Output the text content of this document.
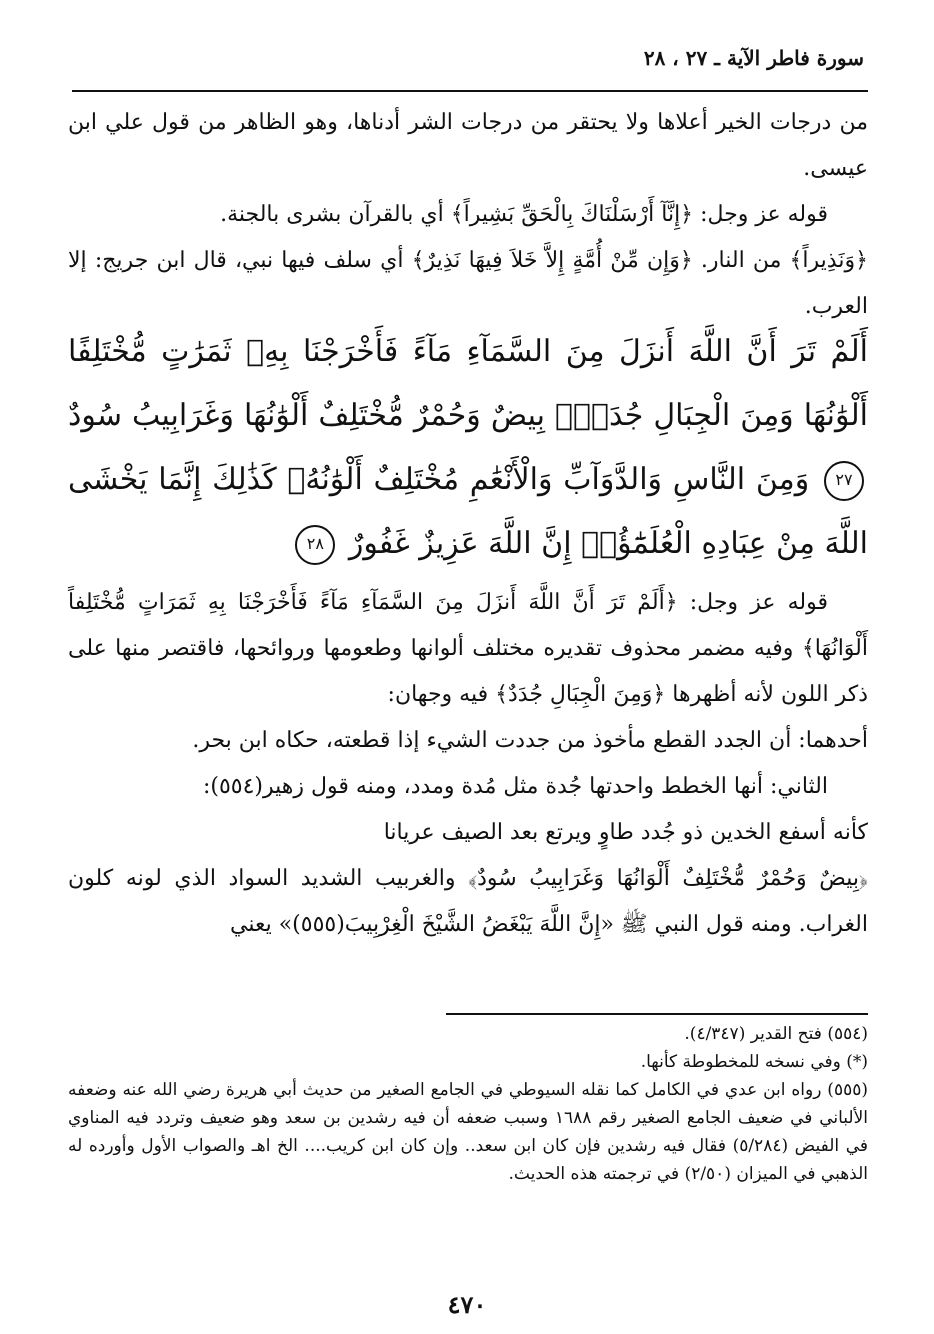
سورة فاطر الآية ـ ٢٧ ، ٢٨

من درجات الخير أعلاها ولا يحتقر من درجات الشر أدناها، وهو الظاهر من قول علي ابن عيسى.

قوله عز وجل: ﴿إِنَّآ أَرْسَلْنَاكَ بِالْحَقِّ بَشِيراً﴾ أي بالقرآن بشرى بالجنة.

﴿وَنَذِيراً﴾ من النار. ﴿وَإِن مِّنْ أُمَّةٍ إِلاَّ خَلاَ فِيهَا نَذِيرٌ﴾ أي سلف فيها نبي، قال ابن جريج: إلا العرب.

أَلَمْ تَرَ أَنَّ اللَّهَ أَنزَلَ مِنَ السَّمَآءِ مَآءً فَأَخْرَجْنَا بِهِۦ ثَمَرَٰتٍ مُّخْتَلِفًا أَلْوَٰنُهَا وَمِنَ الْجِبَالِ جُدَدٌۢ بِيضٌ وَحُمْرٌ مُّخْتَلِفٌ أَلْوَٰنُهَا وَغَرَابِيبُ سُودٌ ٢٧ وَمِنَ النَّاسِ وَالدَّوَآبِّ وَالْأَنْعَٰمِ مُخْتَلِفٌ أَلْوَٰنُهُۥ كَذَٰلِكَ إِنَّمَا يَخْشَى اللَّهَ مِنْ عِبَادِهِ الْعُلَمَٰٓؤُا۟ إِنَّ اللَّهَ عَزِيزٌ غَفُورٌ ٢٨

قوله عز وجل: ﴿أَلَمْ تَرَ أَنَّ اللَّهَ أَنزَلَ مِنَ السَّمَآءِ مَآءً فَأَخْرَجْنَا بِهِ ثَمَرَاتٍ مُّخْتَلِفاً أَلْوَانُهَا﴾ وفيه مضمر محذوف تقديره مختلف ألوانها وطعومها وروائحها، فاقتصر منها على ذكر اللون لأنه أظهرها ﴿وَمِنَ الْجِبَالِ جُدَدٌ﴾ فيه وجهان:

أحدهما: أن الجدد القطع مأخوذ من جددت الشيء إذا قطعته، حكاه ابن بحر.

الثاني: أنها الخطط واحدتها جُدة مثل مُدة ومدد، ومنه قول زهير(٥٥٤):

كأنه أسفع الخدين ذو جُدد طاوٍ ويرتع بعد الصيف عريانا

﴿بِيضٌ وَحُمْرٌ مُّخْتَلِفٌ أَلْوَانُهَا وَغَرَابِيبُ سُودٌ﴾ والغربيب الشديد السواد الذي لونه كلون الغراب. ومنه قول النبي ﷺ «إِنَّ اللَّهَ يَبْغَضُ الشَّيْخَ الْغِرْبِيبَ(٥٥٥)» يعني

(٥٥٤) فتح القدير (٤/٣٤٧).

(*) وفي نسخه للمخطوطة كأنها.

(٥٥٥) رواه ابن عدي في الكامل كما نقله السيوطي في الجامع الصغير من حديث أبي هريرة رضي الله عنه وضعفه الألباني في ضعيف الجامع الصغير رقم ١٦٨٨ وسبب ضعفه أن فيه رشدين بن سعد وهو ضعيف وتردد فيه المناوي في الفيض (٥/٢٨٤) فقال فيه رشدين فإن كان ابن سعد.. وإن كان ابن كريب.... الخ اهـ والصواب الأول وأورده له الذهبي في الميزان (٢/٥٠) في ترجمته هذه الحديث.

٤٧٠
